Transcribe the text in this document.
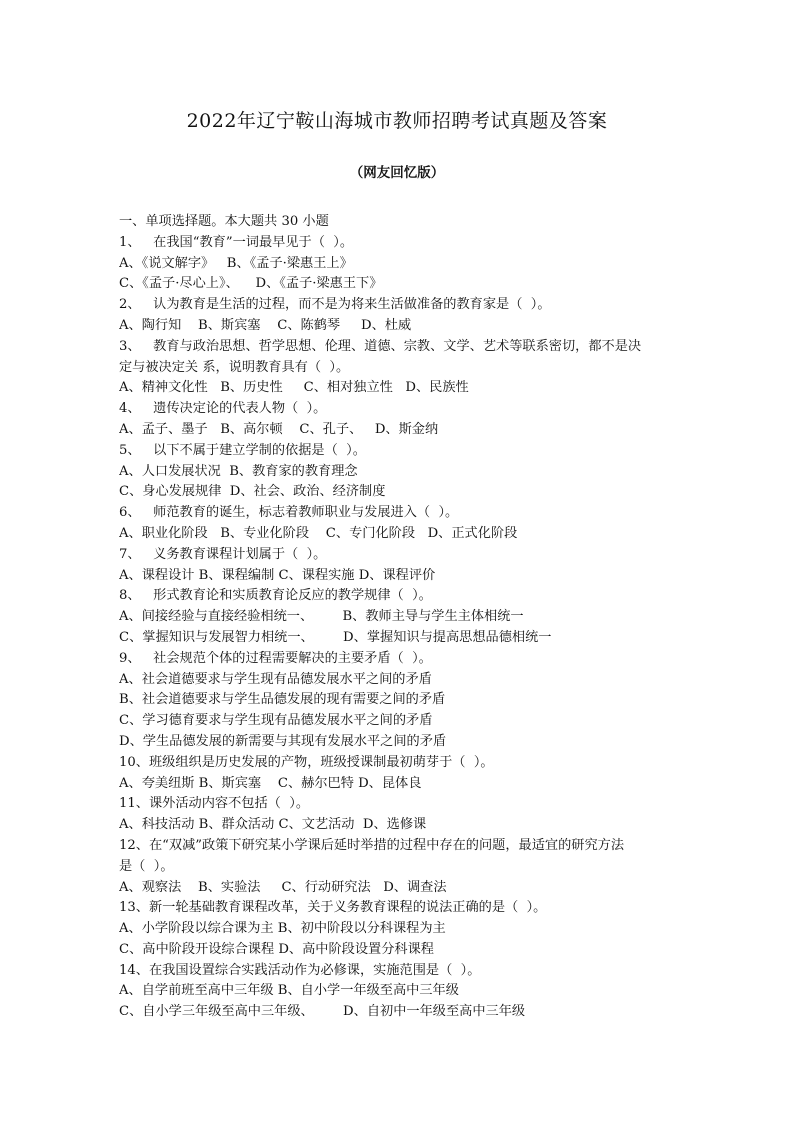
2022年辽宁鞍山海城市教师招聘考试真题及答案
（网友回忆版）
一、单项选择题。本大题共 30 小题
1、   在我国“教育”一词最早见于（  ）。
A、《说文解字》   B、《孟子·梁惠王上》
C、《孟子·尽心上》、    D、《孟子·梁惠王下》
2、   认为教育是生活的过程，而不是为将来生活做准备的教育家是（  ）。
A、陶行知    B、斯宾塞    C、陈鹤琴     D、杜威
3、   教育与政治思想、哲学思想、伦理、道德、宗教、文学、艺术等联系密切，都不是决
定与被决定关 系，说明教育具有（  ）。
A、精神文化性   B、历史性     C、相对独立性   D、民族性
4、   遗传决定论的代表人物（  ）。
A、孟子、墨子   B、高尔顿    C、孔子、   D、斯金纳
5、   以下不属于建立学制的依据是（  ）。
A、人口发展状况  B、教育家的教育理念
C、身心发展规律  D、社会、政治、经济制度
6、   师范教育的诞生，标志着教师职业与发展进入（  ）。
A、职业化阶段   B、专业化阶段    C、专门化阶段   D、正式化阶段
7、   义务教育课程计划属于（  ）。
A、课程设计 B、课程编制 C、课程实施 D、课程评价
8、   形式教育论和实质教育论反应的教学规律（  ）。
A、间接经验与直接经验相统一、       B、教师主导与学生主体相统一
C、掌握知识与发展智力相统一、       D、掌握知识与提高思想品德相统一
9、   社会规范个体的过程需要解决的主要矛盾（  ）。
A、社会道德要求与学生现有品德发展水平之间的矛盾
B、社会道德要求与学生品德发展的现有需要之间的矛盾
C、学习德育要求与学生现有品德发展水平之间的矛盾
D、学生品德发展的新需要与其现有发展水平之间的矛盾
10、班级组织是历史发展的产物，班级授课制最初萌芽于（  ）。
A、夸美纽斯 B、斯宾塞    C、赫尔巴特 D、昆体良
11、课外活动内容不包括（  ）。
A、科技活动 B、群众活动 C、文艺活动  D、选修课
12、在“双减”政策下研究某小学课后延时举措的过程中存在的问题，最适宜的研究方法
是（  ）。
A、观察法    B、实验法     C、行动研究法   D、调查法
13、新一轮基础教育课程改革，关于义务教育课程的说法正确的是（  ）。
A、小学阶段以综合课为主 B、初中阶段以分科课程为主
C、高中阶段开设综合课程 D、高中阶段设置分科课程
14、在我国设置综合实践活动作为必修课，实施范围是（  ）。
A、自学前班至高中三年级 B、自小学一年级至高中三年级
C、自小学三年级至高中三年级、       D、自初中一年级至高中三年级
